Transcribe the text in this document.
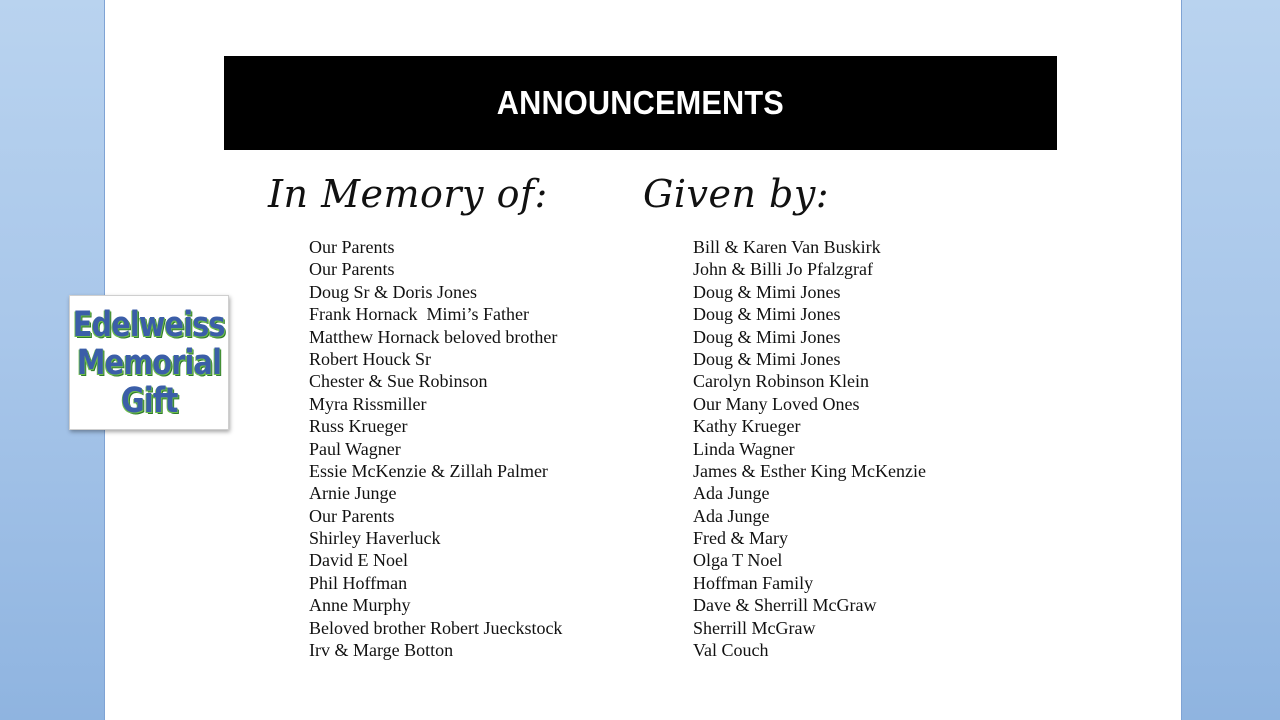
ANNOUNCEMENTS
In Memory of:	Given by:
Our Parents
Our Parents
Doug Sr & Doris Jones
Frank Hornack  Mimi’s Father
Matthew Hornack beloved brother
Robert Houck Sr
Chester & Sue Robinson
Myra Rissmiller
Russ Krueger
Paul Wagner
Essie McKenzie & Zillah Palmer
Arnie Junge
Our Parents
Shirley Haverluck
David E Noel
Phil Hoffman
Anne Murphy
Beloved brother Robert Jueckstock
Irv & Marge Botton
Bill & Karen Van Buskirk
John & Billi Jo Pfalzgraf
Doug & Mimi Jones
Doug & Mimi Jones
Doug & Mimi Jones
Doug & Mimi Jones
Carolyn Robinson Klein
Our Many Loved Ones
Kathy Krueger
Linda Wagner
James & Esther King McKenzie
Ada Junge
Ada Junge
Fred & Mary
Olga T Noel
Hoffman Family
Dave & Sherrill McGraw
Sherrill McGraw
Val Couch
Edelweiss
Memorial
Gift
